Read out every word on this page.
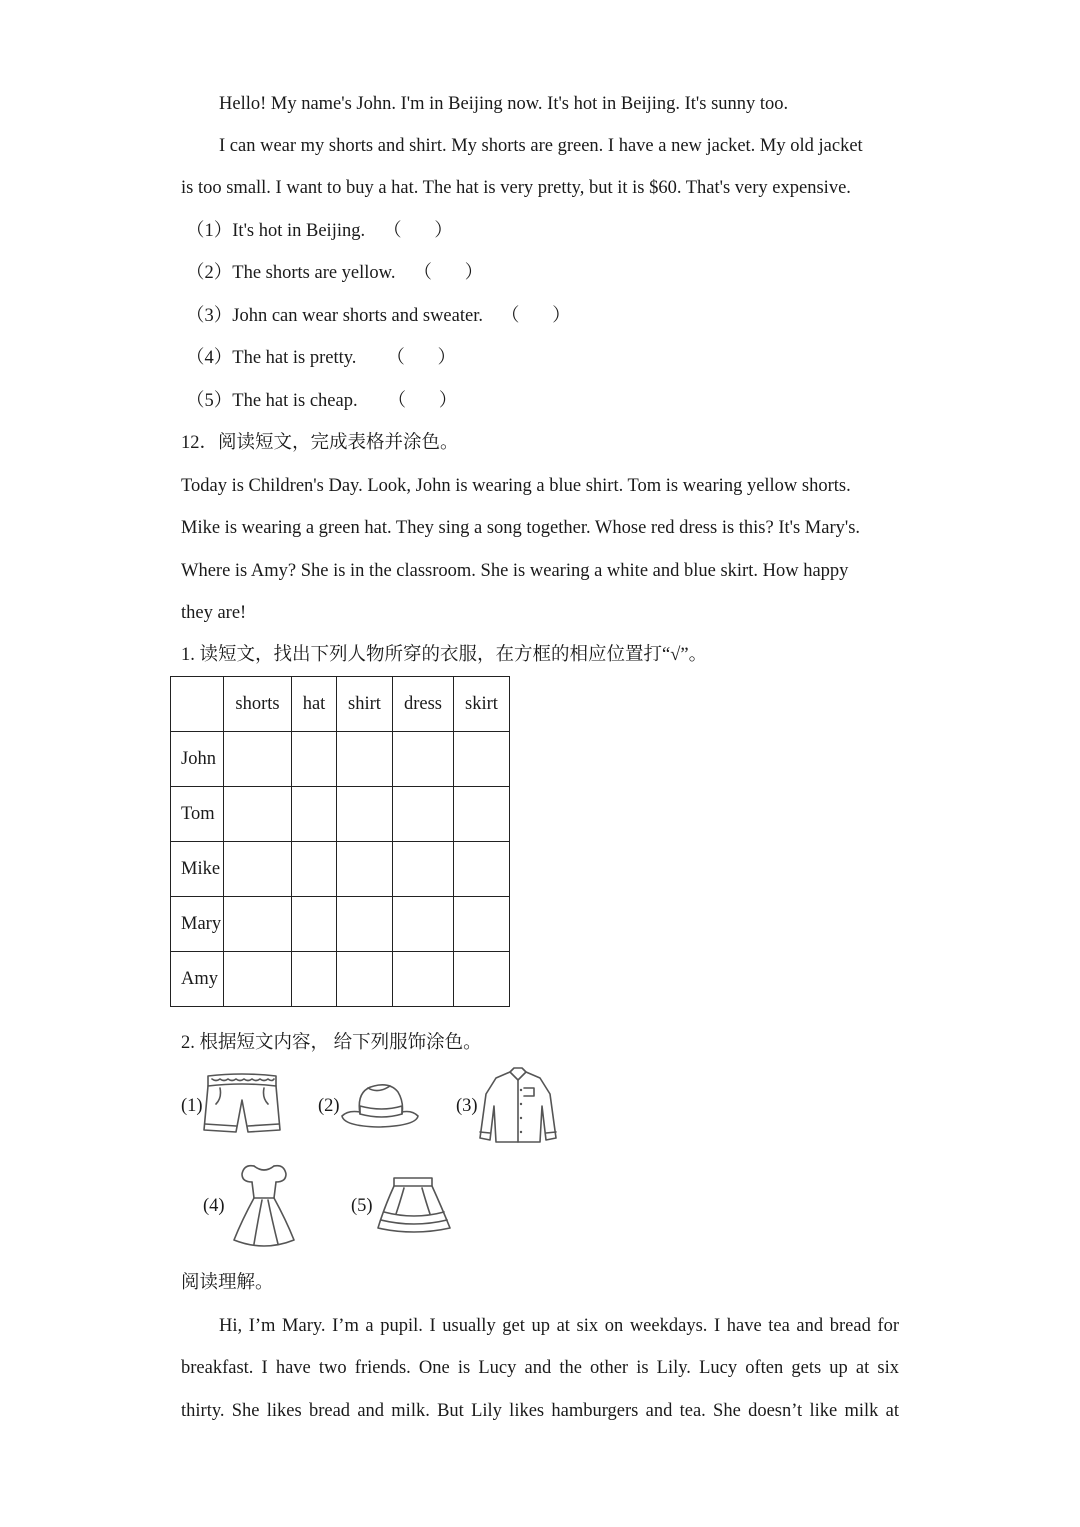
Hello! My name's John. I'm in Beijing now. It's hot in Beijing. It's sunny too.
I can wear my shorts and shirt. My shorts are green. I have a new jacket. My old jacket
is too small. I want to buy a hat. The hat is very pretty, but it is $60. That's very expensive.
（1）It's hot in Beijing. （ ）
（2）The shorts are yellow. （ ）
（3）John can wear shorts and sweater. （ ）
（4）The hat is pretty. （ ）
（5）The hat is cheap. （ ）
12．阅读短文，完成表格并涂色。
Today is Children's Day. Look, John is wearing a blue shirt. Tom is wearing yellow shorts.
Mike is wearing a green hat. They sing a song together. Whose red dress is this? It's Mary's.
Where is Amy? She is in the classroom. She is wearing a white and blue skirt. How happy
they are!
1. 读短文，找出下列人物所穿的衣服，在方框的相应位置打“√”。
	shorts	hat	shirt	dress	skirt
John					
Tom					
Mike					
Mary					
Amy					
2. 根据短文内容， 给下列服饰涂色。
(1)	(2)	(3)
(4)	(5)
阅读理解。
Hi, I’m Mary. I’m a pupil. I usually get up at six on weekdays. I have tea and bread for
breakfast. I have two friends. One is Lucy and the other is Lily. Lucy often gets up at six
thirty. She likes bread and milk. But Lily likes hamburgers and tea. She doesn’t like milk at
